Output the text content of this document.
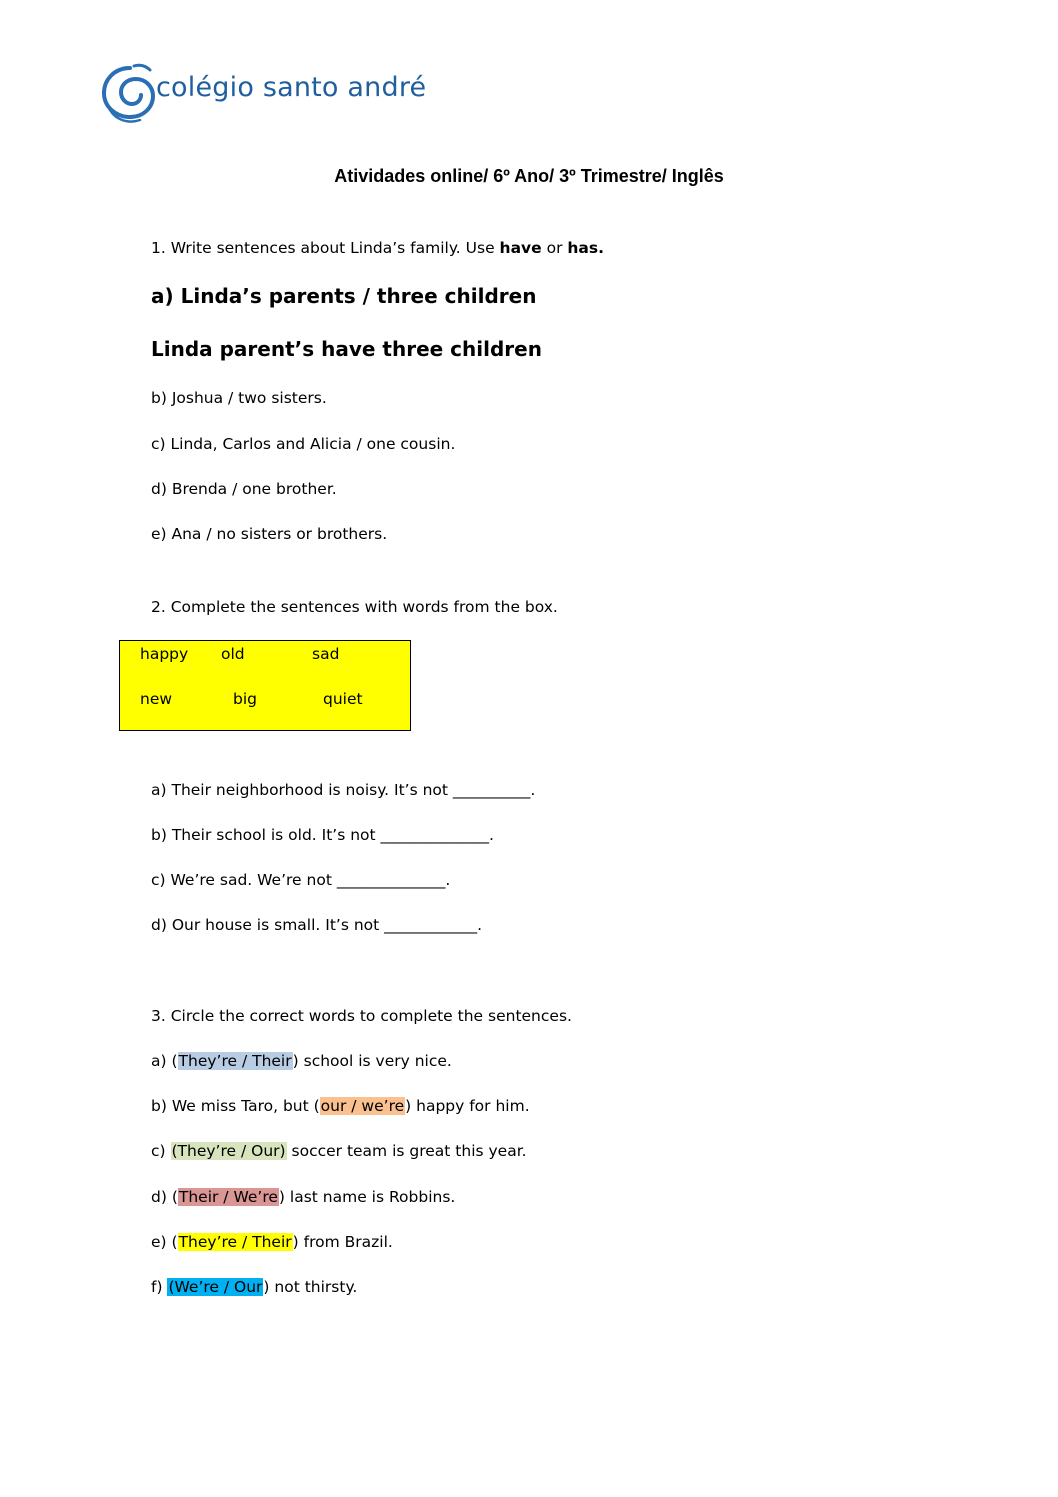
colégio santo andré
Atividades online/ 6º Ano/ 3º Trimestre/ Inglês
1. Write sentences about Linda’s family. Use have or has.
a) Linda’s parents / three children
Linda parent’s have three children
b) Joshua / two sisters.
c) Linda, Carlos and Alicia / one cousin.
d) Brenda / one brother.
e) Ana / no sisters or brothers.
2. Complete the sentences with words from the box.
happy old	sad
new	big	quiet
a) Their neighborhood is noisy. It’s not __________.
b) Their school is old. It’s not ______________.
c) We’re sad. We’re not ______________.
d) Our house is small. It’s not ____________.
3. Circle the correct words to complete the sentences.
a) (They’re / Their) school is very nice.
b) We miss Taro, but (our / we’re) happy for him.
c) (They’re / Our) soccer team is great this year.
d) (Their / We’re) last name is Robbins.
e) (They’re / Their) from Brazil.
f) (We’re / Our) not thirsty.
